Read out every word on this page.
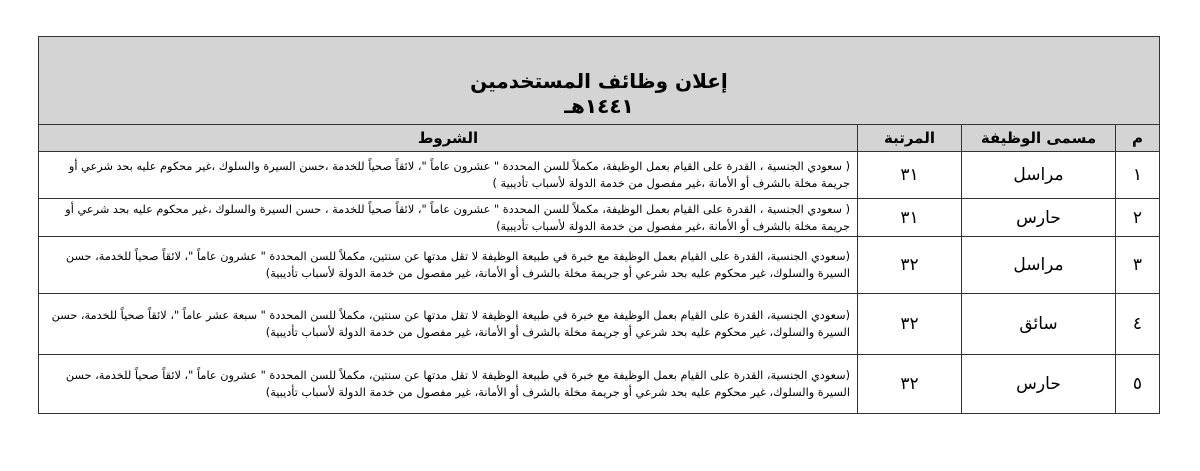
إعلان وظائف المستخدمين
١٤٤١هـ			

م	مسمى الوظيفة	المرتبة	الشروط
١	مراسل	٣١	( سعودي الجنسية ، القدرة على القيام بعمل الوظيفة، مكملاً للسن المحددة " عشرون عاماً "، لائقاً صحياً للخدمة ،حسن السيرة والسلوك ،غير محكوم عليه بحد شرعي أو جريمة مخلة بالشرف أو الأمانة ،غير مفصول من خدمة الدولة لأسباب تأديبية )
٢	حارس	٣١	( سعودي الجنسية ، القدرة على القيام بعمل الوظيفة، مكملاً للسن المحددة " عشرون عاماً "، لائقاً صحياً للخدمة ، حسن السيرة والسلوك ،غير محكوم عليه بحد شرعي أو جريمة مخلة بالشرف أو الأمانة ،غير مفصول من خدمة الدولة لأسباب تأديبية)
٣	مراسل	٣٢	(سعودي الجنسية، القدرة على القيام بعمل الوظيفة مع خبرة في طبيعة الوظيفة لا تقل مدتها عن سنتين، مكملاً للسن المحددة " عشرون عاماً "، لائقاً صحياً للخدمة، حسن السيرة والسلوك، غير محكوم عليه بحد شرعي أو جريمة مخلة بالشرف أو الأمانة، غير مفصول من خدمة الدولة لأسباب تأديبية)
٤	سائق	٣٢	(سعودي الجنسية، القدرة على القيام بعمل الوظيفة مع خبرة في طبيعة الوظيفة لا تقل مدتها عن سنتين، مكملاً للسن المحددة " سبعة عشر عاماً "، لائقاً صحياً للخدمة، حسن السيرة والسلوك، غير محكوم عليه بحد شرعي أو جريمة مخلة بالشرف أو الأمانة، غير مفصول من خدمة الدولة لأسباب تأديبية)
٥	حارس	٣٢	(سعودي الجنسية، القدرة على القيام بعمل الوظيفة مع خبرة في طبيعة الوظيفة لا تقل مدتها عن سنتين، مكملاً للسن المحددة " عشرون عاماً "، لائقاً صحياً للخدمة، حسن السيرة والسلوك، غير محكوم عليه بحد شرعي أو جريمة مخلة بالشرف أو الأمانة، غير مفصول من خدمة الدولة لأسباب تأديبية)
